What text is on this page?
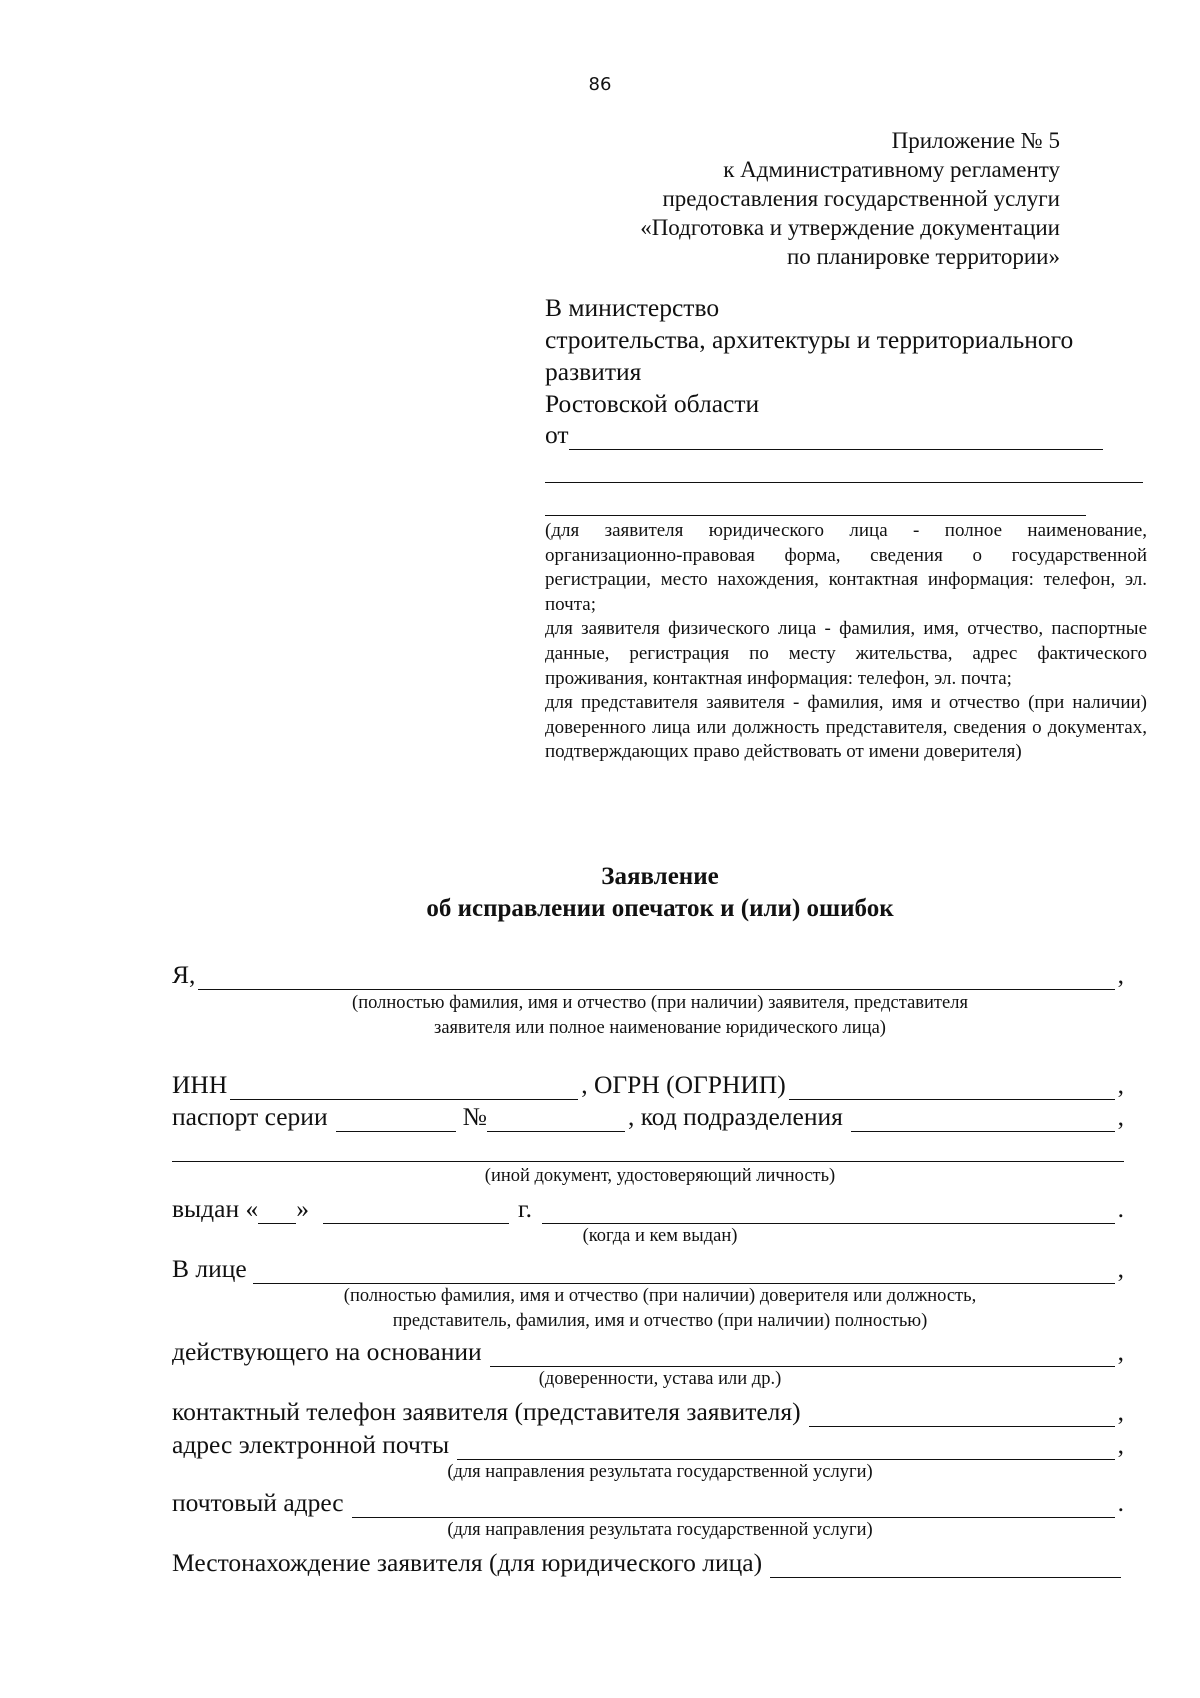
86
Приложение № 5
к Административному регламенту
предоставления государственной услуги
«Подготовка и утверждение документации
по планировке территории»
В министерство
строительства, архитектуры и территориального
развития
Ростовской области
от
(для заявителя юридического лица - полное наименование, организационно-правовая форма, сведения о государственной регистрации, место нахождения, контактная информация: телефон, эл. почта;
для заявителя физического лица - фамилия, имя, отчество, паспортные данные, регистрация по месту жительства, адрес фактического проживания, контактная информация: телефон, эл. почта;
для представителя заявителя - фамилия, имя и отчество (при наличии) доверенного лица или должность представителя, сведения о документах, подтверждающих право действовать от имени доверителя)
Заявление
об исправлении опечаток и (или) ошибок
Я,	,
(полностью фамилия, имя и отчество (при наличии) заявителя, представителя
заявителя или полное наименование юридического лица)
ИНН	, ОГРН (ОГРНИП)	,
паспорт серии	№	, код подразделения	,
(иной документ, удостоверяющий личность)
выдан « »	г.	.
(когда и кем выдан)
В лице	,
(полностью фамилия, имя и отчество (при наличии) доверителя или должность,
представитель, фамилия, имя и отчество (при наличии) полностью)
действующего на основании	,
(доверенности, устава или др.)
контактный телефон заявителя (представителя заявителя)	,
адрес электронной почты	,
(для направления результата государственной услуги)
почтовый адрес	.
(для направления результата государственной услуги)
Местонахождение заявителя (для юридического лица)
